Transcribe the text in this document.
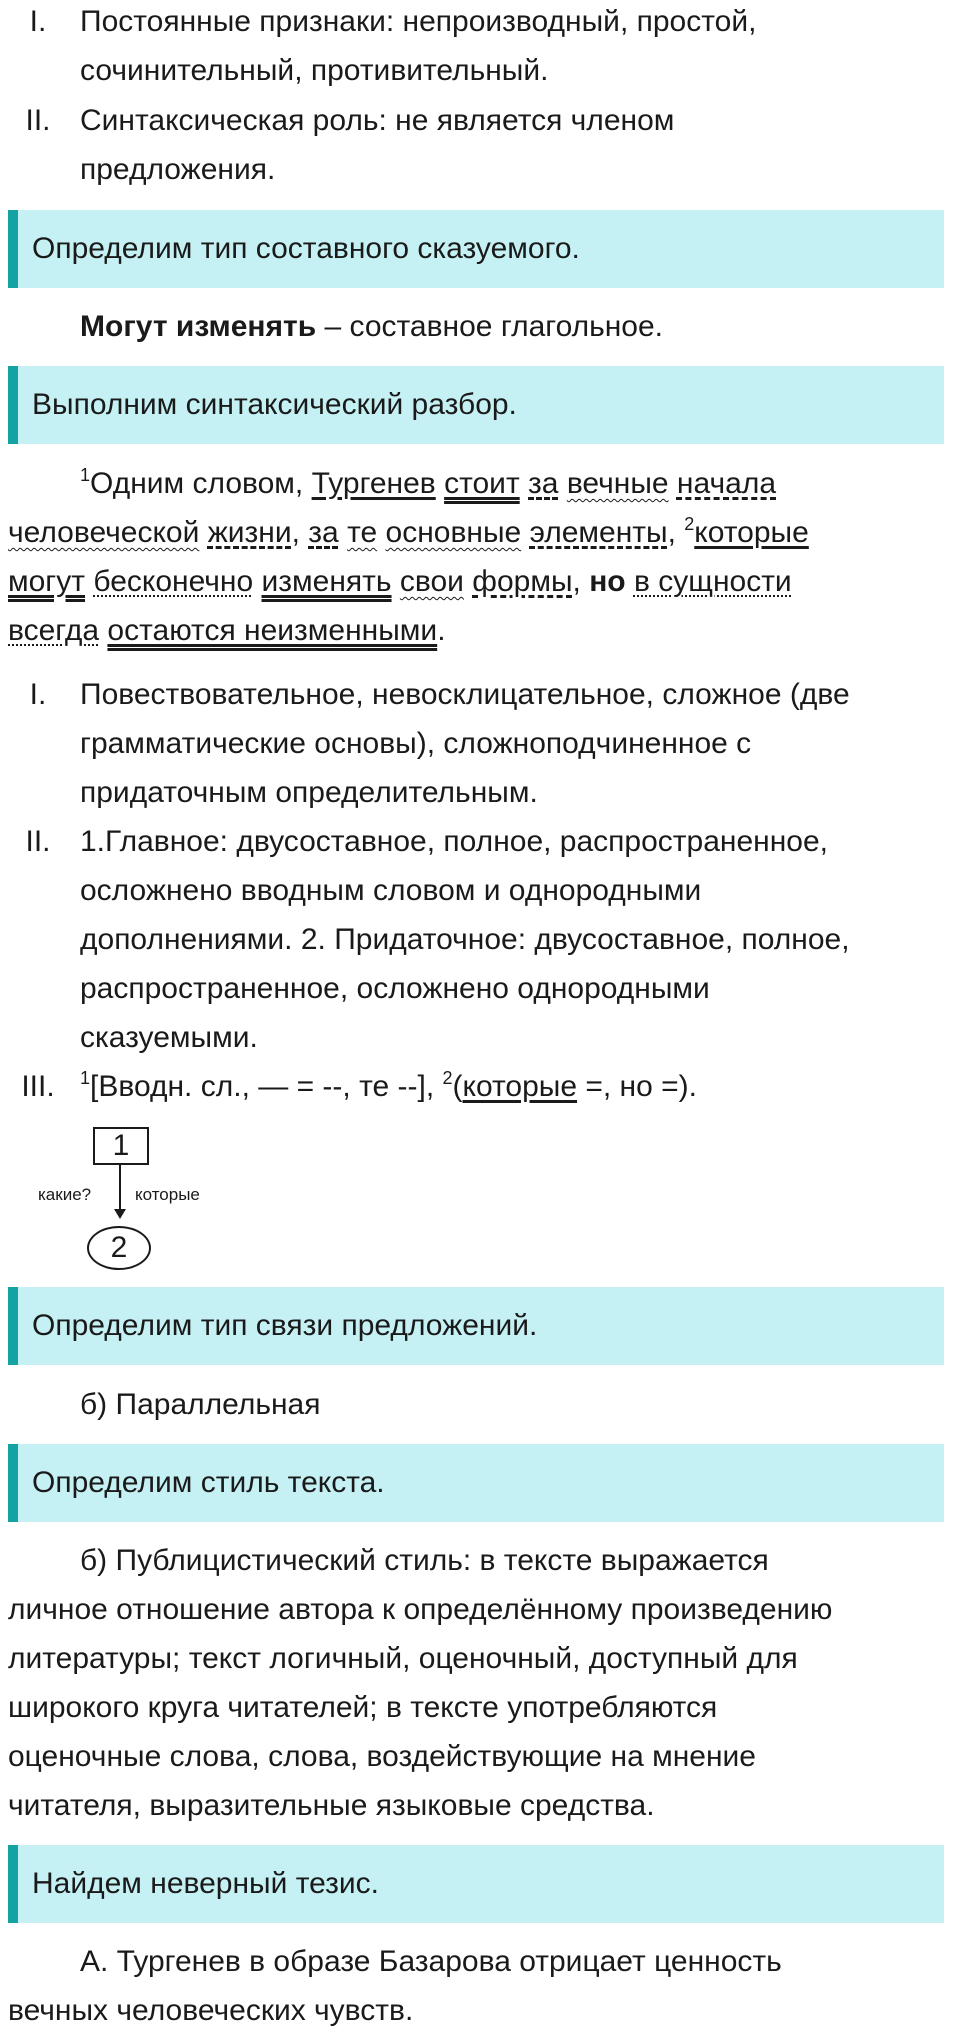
I.	Постоянные признаки: непроизводный, простой,
сочинительный, противительный.
II. Синтаксическая роль: не является членом
предложения.
Определим тип составного сказуемого.
Могут изменять – составное глагольное.
Выполним синтаксический разбор.
$^1$Одним словом, Тургенев стоит за вечные начала
человеческой жизни, за те основные элементы, $^2$которые
могут бесконечно изменять свои формы, но в сущности
всегда остаются неизменными.
I.	Повествовательное, невосклицательное, сложное (две
грамматические основы), сложноподчиненное с
придаточным определительным.
II. 1.Главное: двусоставное, полное, распространенное,
осложнено вводным словом и однородными
дополнениями. 2. Придаточное: двусоставное, полное,
распространенное, осложнено однородными
сказуемыми.
III.	$^1$[Вводн. сл., — = --, те --], $^2$(которые =, но =).
1
какие?	которые
2
Определим тип связи предложений.
б) Параллельная
Определим стиль текста.
б) Публицистический стиль: в тексте выражается
личное отношение автора к определённому произведению
литературы; текст логичный, оценочный, доступный для
широкого круга читателей; в тексте употребляются
оценочные слова, слова, воздействующие на мнение
читателя, выразительные языковые средства.
Найдем неверный тезис.
А. Тургенев в образе Базарова отрицает ценность
вечных человеческих чувств.
